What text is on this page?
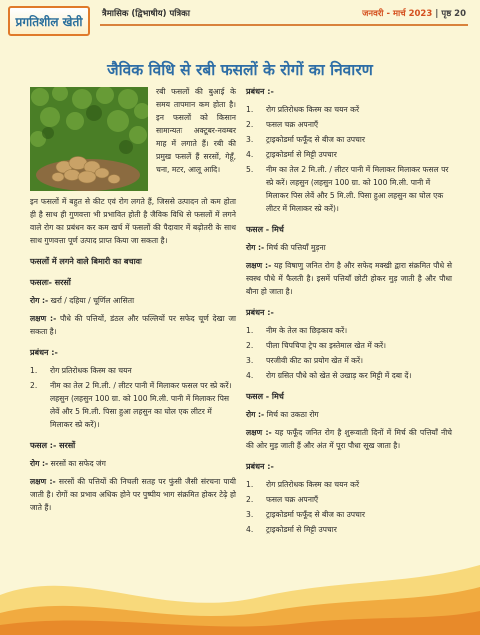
प्रगतिशील खेती
त्रैमासिक (द्विभाषीय) पत्रिका	जनवरी - मार्च 2023 | पृष्ठ 20
जैविक विधि से रबी फसलों के रोगों का निवारण
रबी फसलों की बुआई के समय तापमान कम होता है। इन फसलों को किसान सामान्यतः अक्टूबर-नवम्बर माह में लगाते हैं। रबी की प्रमुख फसलें हैं सरसों, गेहूँ, चना, मटर, आलू आदि।
इन फसलों में बहुत से कीट एवं रोग लगते हैं, जिससे उत्पादन तो कम होता ही है साथ ही गुणवत्ता भी प्रभावित होती है जैविक विधि से फसलों में लगने वाले रोग का प्रबंधन कर कम खर्च में फसलों की पैदावार में बढ़ोतरी के साथ साथ गुणवत्ता पूर्ण उत्पाद प्राप्त किया जा सकता है।
फसलों में लगने वाले बिमारी का बचावः
फसलः- सरसों
रोग :- खर्रा / दहिया / चूर्णिल आसिता
लक्षण :- पौधे की पत्तियों, डंठल और फल्लियों पर सफेद चूर्ण देखा जा सकता है।
प्रबंधन :-
1.	रोग प्रतिरोधक किस्म का चयन
2.	नीम का तेल 2 मि.ली. / लीटर पानी में मिलाकर फसल पर स्प्रे करें। लहसुन (लहसुन 100 ग्रा. को 100 मि.ली. पानी में मिलाकर पिस लेवें और 5 मि.ली. पिसा हुआ लहसुन का घोल एक लीटर में मिलाकर स्प्रे करें)।
फसल :- सरसों
रोग :- सरसों का सफेद जंग
लक्षण :- सरसों की पत्तियों की निचली सतह पर फुंसी जैसी संरचना पायी जाती है। रोगों का प्रभाव अधिक होने पर पुष्पीय भाग संक्रमित होकर टेढ़े हो जाते हैं।
प्रबंधन :-
1.	रोग प्रतिरोधक किस्म का चयन करें
2.	फसल चक्र अपनाएँ
3.	ट्राइकोडर्मा फफूँद से बीज का उपचार
4.	ट्राइकोडर्मा से मिट्टी उपचार
5.	नीम का तेल 2 मि.ली. / लीटर पानी में मिलाकर मिलाकर फसल पर स्प्रे करें। लहसुन (लहसुन 100 ग्रा. को 100 मि.ली. पानी में मिलाकर पिस लेवें और 5 मि.ली. पिसा हुआ लहसुन का घोल एक लीटर में मिलाकर स्प्रे करें)।
फसल - मिर्च
रोग :- मिर्च की पत्तियाँ मुड़ना
लक्षण :- यह विषाणु जनित रोग है और सफेद मक्खी द्वारा संक्रमित पौधे से स्वस्थ पौधे में फैलती है। इसमें पत्तियाँ छोटी होकर मुड़ जाती है और पौधा बौना हो जाता है।
प्रबंधन :-
1.	नीम के तेल का छिड़काव करें।
2.	पीला चिपचिपा ट्रेप का इस्तेमाल खेत में करें।
3.	परजीवी कीट का प्रयोग खेत में करें।
4.	रोग ग्रसित पौधे को खेत से उखाड़ कर मिट्टी में दबा दें।
फसल - मिर्च
रोग :- मिर्च का उकठा रोग
लक्षण :- यह फफूँद जनित रोग है शुरूवाती दिनों में मिर्च की पत्तियाँ नीचे की ओर मुड़ जाती हैं और अंत में पूरा पौधा सूख जाता है।
प्रबंधन :-
1.	रोग प्रतिरोधक किस्म का चयन करें
2.	फसल चक्र अपनाएँ
3.	ट्राइकोडर्मा फफूँद से बीज का उपचार
4.	ट्राइकोडर्मा से मिट्टी उपचार
